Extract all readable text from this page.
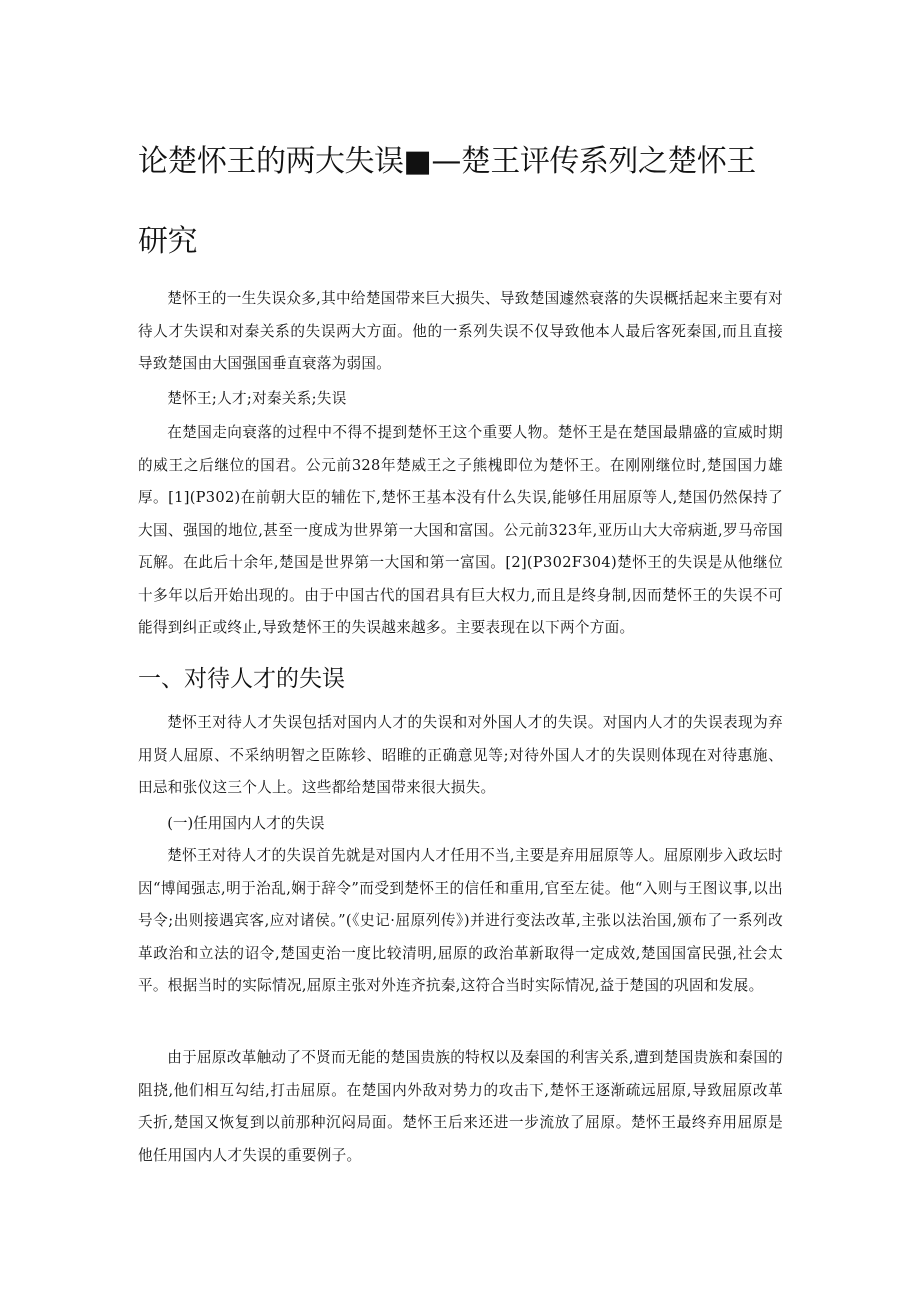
论楚怀王的两大失误■—楚王评传系列之楚怀王
研究

楚怀王的一生失误众多,其中给楚国带来巨大损失、导致楚国遽然衰落的失误概括起来主要有对待人才失误和对秦关系的失误两大方面。他的一系列失误不仅导致他本人最后客死秦国,而且直接导致楚国由大国强国垂直衰落为弱国。

楚怀王;人才;对秦关系;失误

在楚国走向衰落的过程中不得不提到楚怀王这个重要人物。楚怀王是在楚国最鼎盛的宣威时期的威王之后继位的国君。公元前328年楚威王之子熊槐即位为楚怀王。在刚刚继位时,楚国国力雄厚。[1](P302)在前朝大臣的辅佐下,楚怀王基本没有什么失误,能够任用屈原等人,楚国仍然保持了大国、强国的地位,甚至一度成为世界第一大国和富国。公元前323年,亚历山大大帝病逝,罗马帝国瓦解。在此后十余年,楚国是世界第一大国和第一富国。[2](P302F304)楚怀王的失误是从他继位十多年以后开始出现的。由于中国古代的国君具有巨大权力,而且是终身制,因而楚怀王的失误不可能得到纠正或终止,导致楚怀王的失误越来越多。主要表现在以下两个方面。

一、对待人才的失误

楚怀王对待人才失误包括对国内人才的失误和对外国人才的失误。对国内人才的失误表现为弃用贤人屈原、不采纳明智之臣陈轸、昭睢的正确意见等;对待外国人才的失误则体现在对待惠施、田忌和张仪这三个人上。这些都给楚国带来很大损失。

(一)任用国内人才的失误

楚怀王对待人才的失误首先就是对国内人才任用不当,主要是弃用屈原等人。屈原刚步入政坛时因“博闻强志,明于治乱,娴于辞令”而受到楚怀王的信任和重用,官至左徒。他“入则与王图议事,以出号令;出则接遇宾客,应对诸侯。”(《史记·屈原列传》)并进行变法改革,主张以法治国,颁布了一系列改革政治和立法的诏令,楚国吏治一度比较清明,屈原的政治革新取得一定成效,楚国国富民强,社会太平。根据当时的实际情况,屈原主张对外连齐抗秦,这符合当时实际情况,益于楚国的巩固和发展。

由于屈原改革触动了不贤而无能的楚国贵族的特权以及秦国的利害关系,遭到楚国贵族和秦国的阻挠,他们相互勾结,打击屈原。在楚国内外敌对势力的攻击下,楚怀王逐渐疏远屈原,导致屈原改革夭折,楚国又恢复到以前那种沉闷局面。楚怀王后来还进一步流放了屈原。楚怀王最终弃用屈原是他任用国内人才失误的重要例子。
